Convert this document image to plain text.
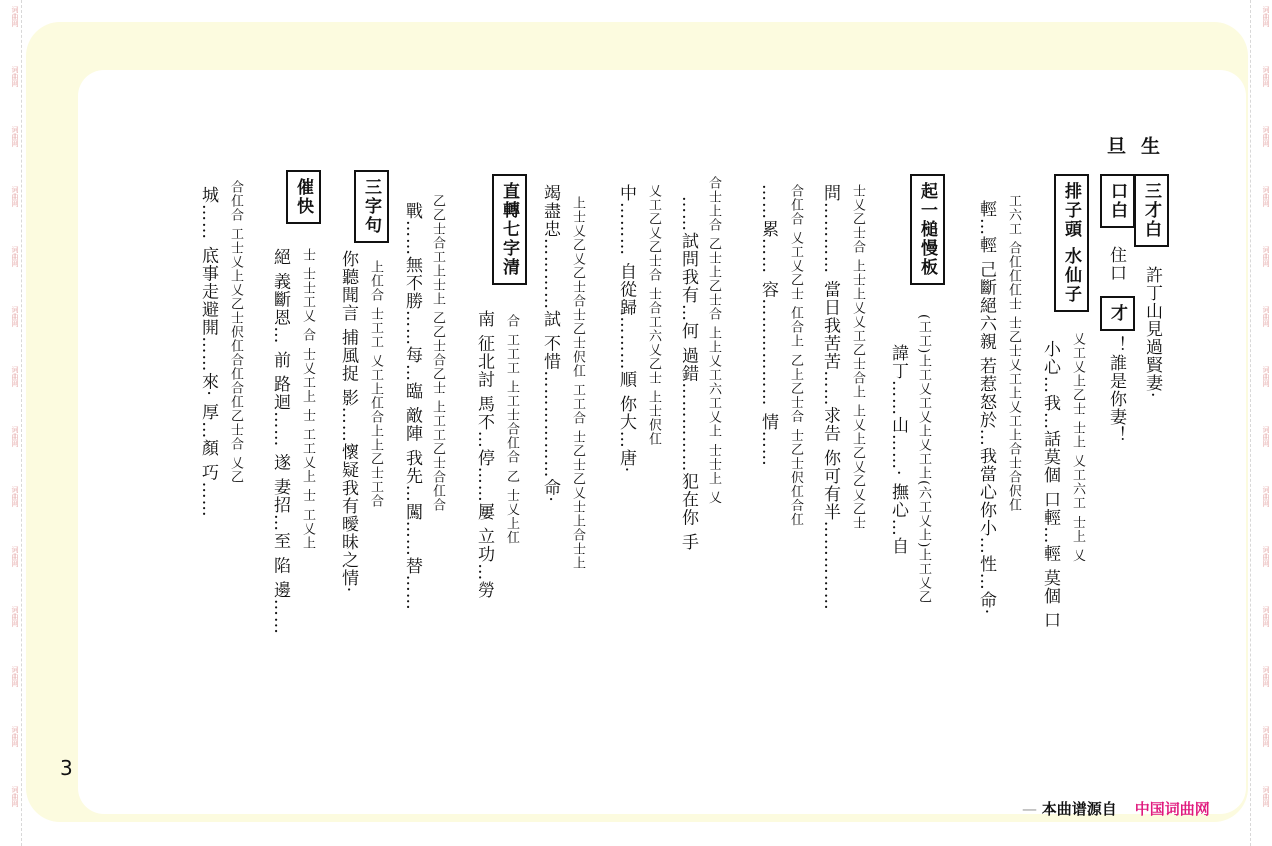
词曲网
词曲网
词曲网
词曲网
词曲网
词曲网
词曲网
词曲网
词曲网
词曲网
词曲网
词曲网
词曲网
词曲网
词曲网
词曲网
词曲网
词曲网
词曲网
词曲网
词曲网
词曲网
词曲网
词曲网
词曲网
词曲网
词曲网
词曲网
生
旦
三才白
許丁山見過賢妻·
口白
住口
才
！誰是你妻！
排子頭 水仙子
乂工乂上乙士 士上 乂工六工 士上 乂
小心…我…話莫個 口輕…輕 莫個 口
工六工 合仜仜仜士 士乙士乂工上乂工上合士合伬仜
輕…輕 己斷絕六親 若惹怒於…我當心你小…性…命·
起一槌慢板
(工工)上工乂工乂上乂工上(六工乂上)上工乂乙
諱丁……山……· 撫心…自
合仜合 乂工乂乙士 仜合上 乙上乙士合 士乙士伬仜合仜
……累…… 容……………… 情……	士乂乙士合 上士上乂乂工乙士合上 上乂上乙乂乙乂乙士
問………… 當日我苦苦……求告 你可有半……………
合士上合 乙士上乙士合 上上乂工六工乂上 士士上 乂
……試問我有…何 過錯……………犯在你 手
乂工乙乂乙士合 士合工六乂乙士 上士伬仜
中……… 自從歸………順 你大…唐·
上士乂乙乂乙士合士乙士伬仜 工工合 士乙士乙乂士上合士上
竭盡忠…………試 不惜………………命·
直轉七字清
合 工工工 上工士合仜合 乙 士乂上仜
南 征北討 馬不…停……屢 立功…勞
乙乙士合工上士上 乙乙士合乙士 上工工乙士合仜合
戰……無不勝……每…臨 敵陣 我先…闖……替……
三字句
上仜合 士工工 乂工上仜合上上乙士工合
你聽聞言 捕風捉 影……懷疑我有曖昧之情·
催快
士 士士工乂 合 士乂工上 士 工工乂上 士 工乂上
絕 義斷恩… 前 路迴…… 遂 妻招…至 陷 邊……
合仜合 工士乂上乂乙士伬仜合仜合仜乙士合 乂乙
城…… 底事走避開……來· 厚…顏 巧……
3
— 本曲谱源自 中国词曲网
